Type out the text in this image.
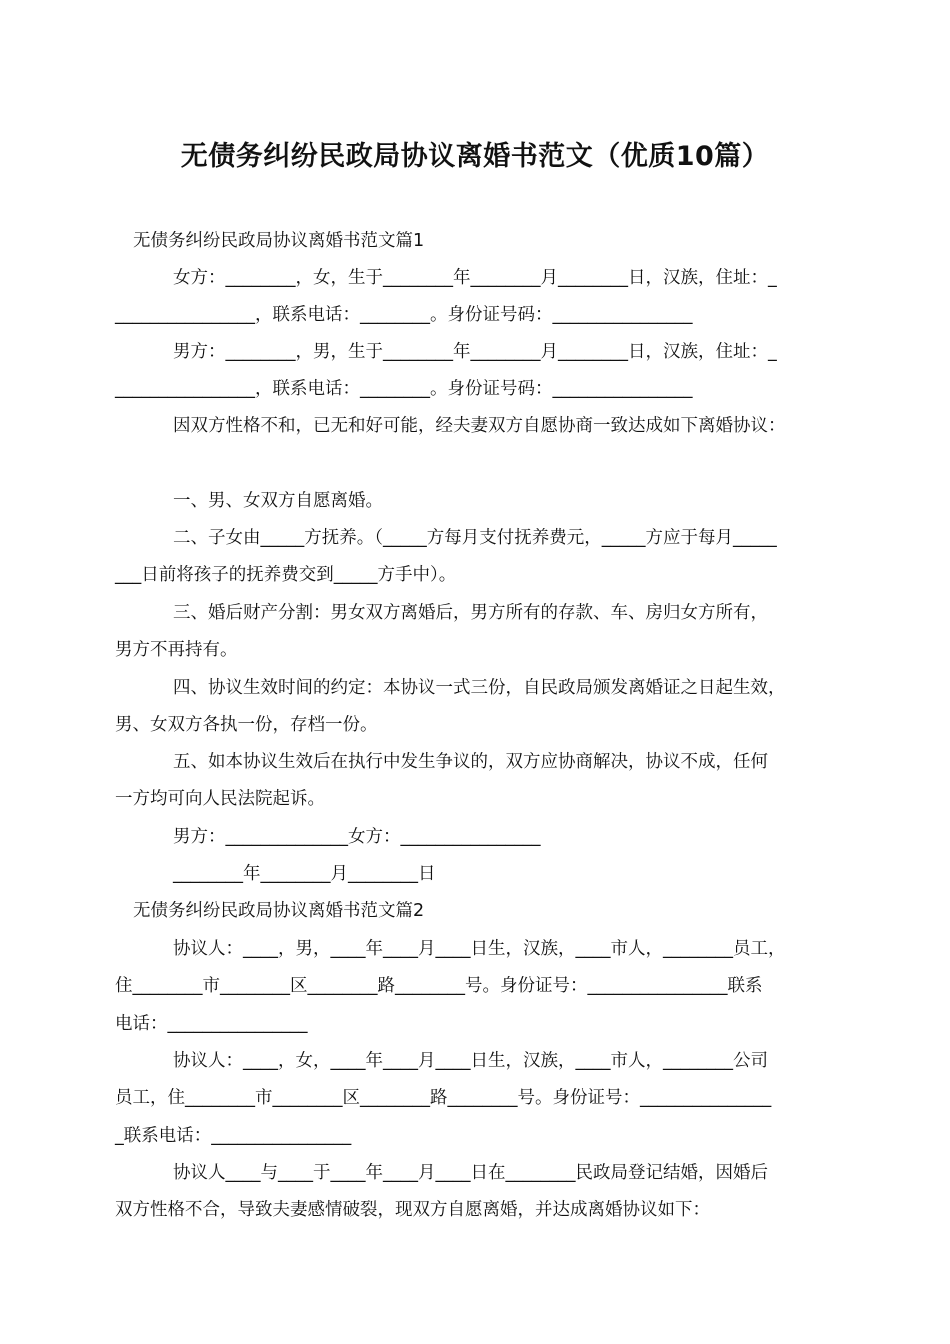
无债务纠纷民政局协议离婚书范文（优质10篇）
无债务纠纷民政局协议离婚书范文篇1
女方：________，女，生于________年________月________日，汉族，住址：_
________________，联系电话：________。身份证号码：________________
男方：________，男，生于________年________月________日，汉族，住址：_
________________，联系电话：________。身份证号码：________________
因双方性格不和，已无和好可能，经夫妻双方自愿协商一致达成如下离婚协议：
一、男、女双方自愿离婚。
二、子女由_____方抚养。（_____方每月支付抚养费元，_____方应于每月_____
___日前将孩子的抚养费交到_____方手中）。
三、婚后财产分割：男女双方离婚后，男方所有的存款、车、房归女方所有，
男方不再持有。
四、协议生效时间的约定：本协议一式三份，自民政局颁发离婚证之日起生效，
男、女双方各执一份，存档一份。
五、如本协议生效后在执行中发生争议的，双方应协商解决，协议不成，任何
一方均可向人民法院起诉。
男方：______________女方：________________
________年________月________日
无债务纠纷民政局协议离婚书范文篇2
协议人：____，男，____年____月____日生，汉族，____市人，________员工，
住________市________区________路________号。身份证号：________________联系
电话：________________
协议人：____，女，____年____月____日生，汉族，____市人，________公司
员工，住________市________区________路________号。身份证号：_______________
_联系电话：________________
协议人____与____于____年____月____日在________民政局登记结婚，因婚后
双方性格不合，导致夫妻感情破裂，现双方自愿离婚，并达成离婚协议如下：
